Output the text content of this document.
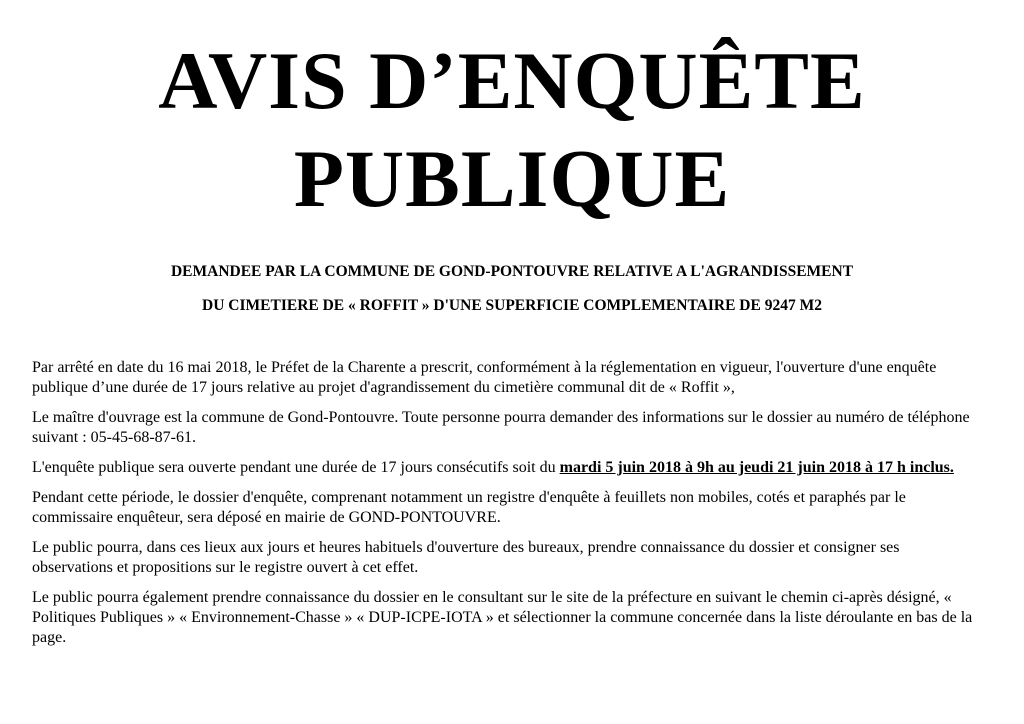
AVIS D’ENQUÊTE
PUBLIQUE
DEMANDEE PAR LA COMMUNE DE GOND-PONTOUVRE RELATIVE A L'AGRANDISSEMENT
DU CIMETIERE DE « ROFFIT » D'UNE SUPERFICIE COMPLEMENTAIRE DE 9247 M2

Par arrêté en date du 16 mai 2018, le Préfet de la Charente a prescrit, conformément à la réglementation en vigueur, l'ouverture d'une enquête publique d’une durée de 17 jours relative au projet d'agrandissement du cimetière communal dit de « Roffit »,

Le maître d'ouvrage est la commune de Gond-Pontouvre. Toute personne pourra demander des informations sur le dossier au numéro de téléphone suivant : 05-45-68-87-61.

L'enquête publique sera ouverte pendant une durée de 17 jours consécutifs soit du mardi 5 juin 2018 à 9h au jeudi 21 juin 2018 à 17 h inclus.

Pendant cette période, le dossier d'enquête, comprenant notamment un registre d'enquête à feuillets non mobiles, cotés et paraphés par le commissaire enquêteur, sera déposé en mairie de GOND-PONTOUVRE.

Le public pourra, dans ces lieux aux jours et heures habituels d'ouverture des bureaux, prendre connaissance du dossier et consigner ses observations et propositions sur le registre ouvert à cet effet.

Le public pourra également prendre connaissance du dossier en le consultant sur le site de la préfecture en suivant le chemin ci-après désigné, « Politiques Publiques » « Environnement-Chasse » « DUP-ICPE-IOTA » et sélectionner la commune concernée dans la liste déroulante en bas de la page.
